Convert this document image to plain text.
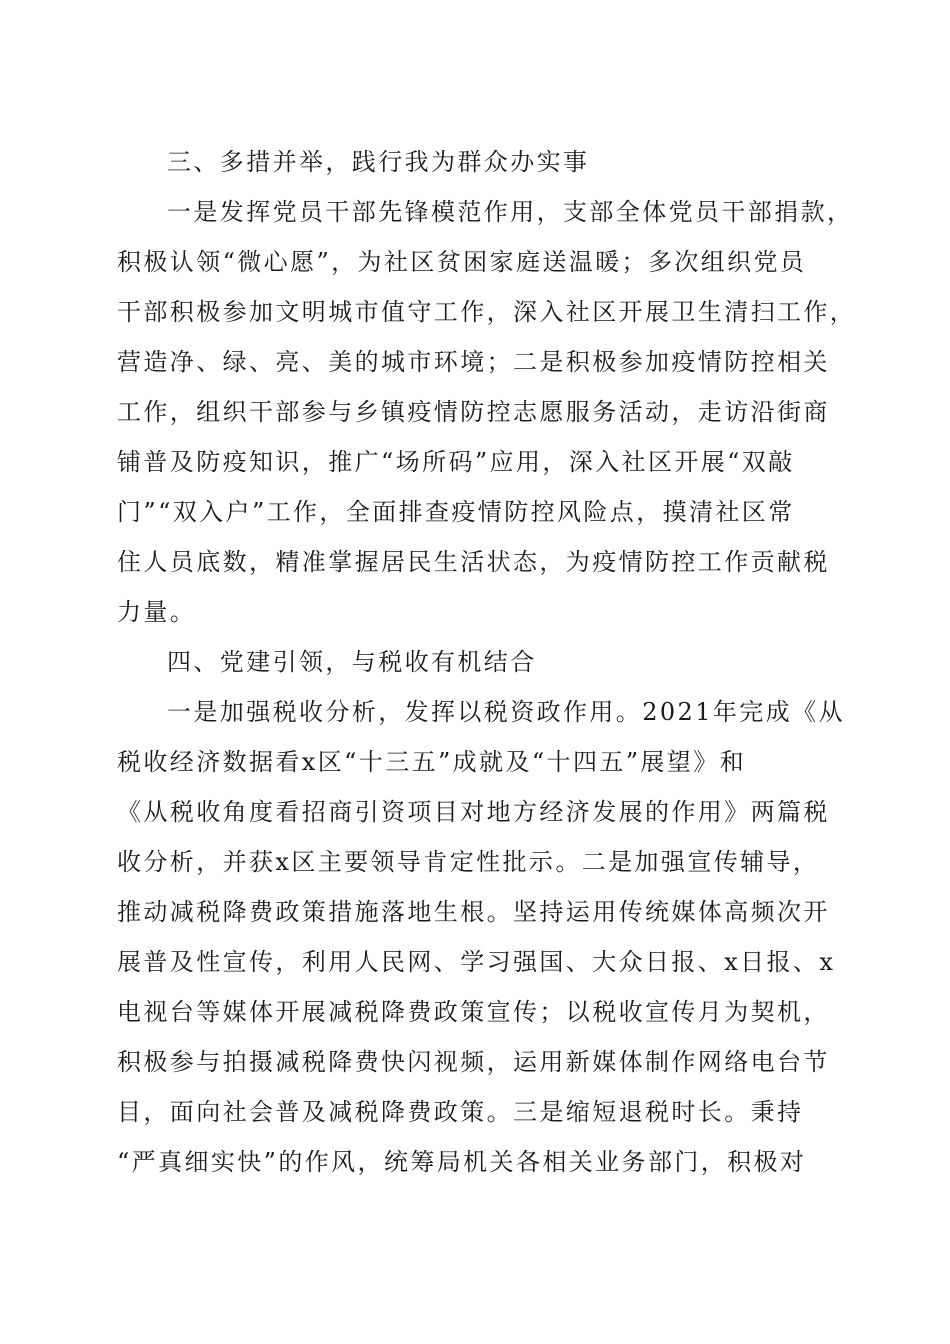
三、多措并举，践行我为群众办实事
一是发挥党员干部先锋模范作用，支部全体党员干部捐款，
积极认领“微心愿”，为社区贫困家庭送温暖；多次组织党员
干部积极参加文明城市值守工作，深入社区开展卫生清扫工作，
营造净、绿、亮、美的城市环境；二是积极参加疫情防控相关
工作，组织干部参与乡镇疫情防控志愿服务活动，走访沿街商
铺普及防疫知识，推广“场所码”应用，深入社区开展“双敲
门”“双入户”工作，全面排查疫情防控风险点，摸清社区常
住人员底数，精准掌握居民生活状态，为疫情防控工作贡献税
力量。
四、党建引领，与税收有机结合
一是加强税收分析，发挥以税资政作用。2021年完成《从
税收经济数据看x区“十三五”成就及“十四五”展望》和
《从税收角度看招商引资项目对地方经济发展的作用》两篇税
收分析，并获x区主要领导肯定性批示。二是加强宣传辅导，
推动减税降费政策措施落地生根。坚持运用传统媒体高频次开
展普及性宣传，利用人民网、学习强国、大众日报、x日报、x
电视台等媒体开展减税降费政策宣传；以税收宣传月为契机，
积极参与拍摄减税降费快闪视频，运用新媒体制作网络电台节
目，面向社会普及减税降费政策。三是缩短退税时长。秉持
“严真细实快”的作风，统筹局机关各相关业务部门，积极对
